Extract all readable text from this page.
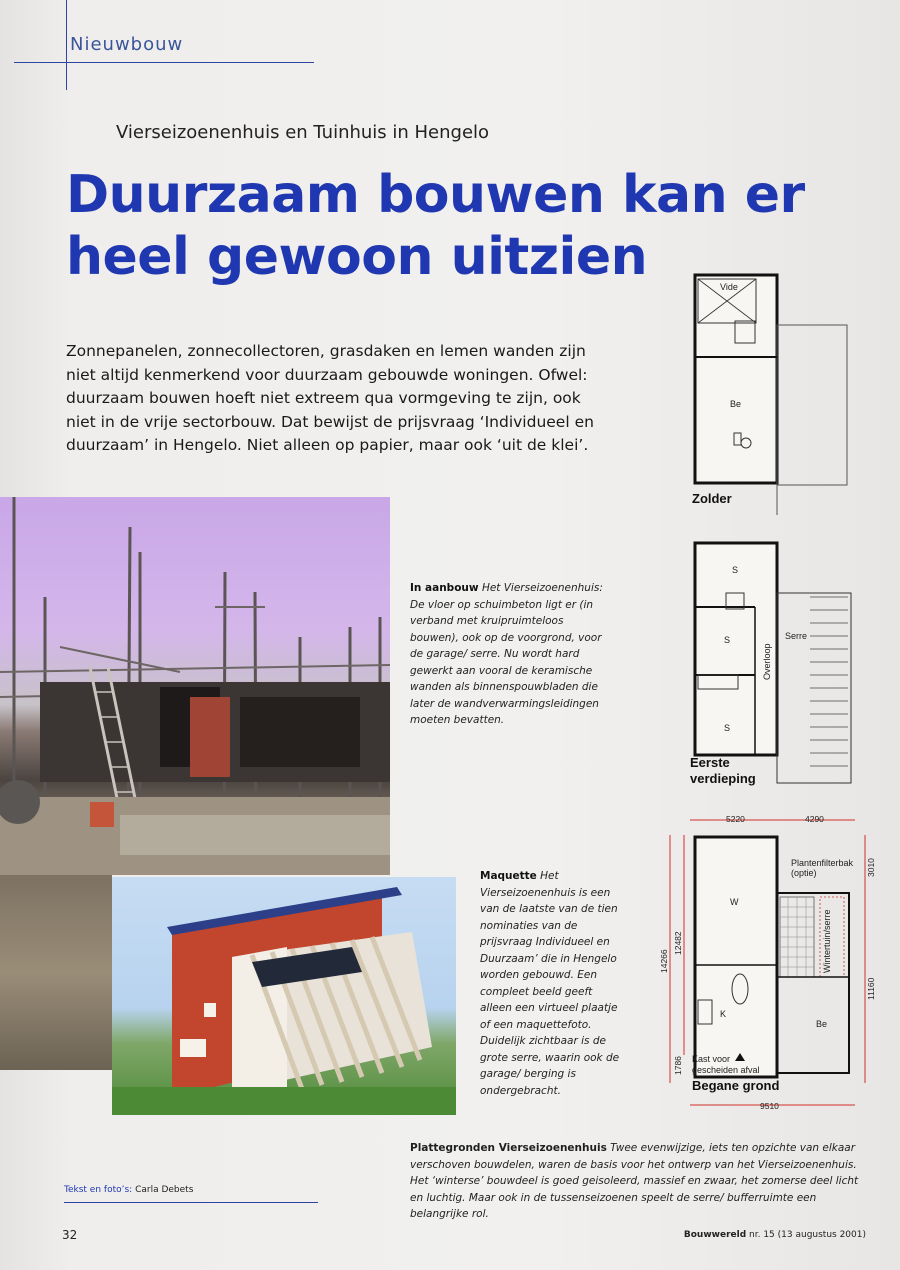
Nieuwbouw
Vierseizoenenhuis en Tuinhuis in Hengelo
Duurzaam bouwen kan er
heel gewoon uitzien

Zonnepanelen, zonnecollectoren, grasdaken en lemen wanden zijn niet altijd kenmerkend voor duurzaam gebouwde woningen. Ofwel: duurzaam bouwen hoeft niet extreem qua vormgeving te zijn, ook niet in de vrije sectorbouw. Dat bewijst de prijsvraag ‘Individueel en duurzaam’ in Hengelo. Niet alleen op papier, maar ook ‘uit de klei’.

In aanbouw Het Vierseizoenenhuis: De vloer op schuimbeton ligt er (in verband met kruipruimteloos bouwen), ook op de voorgrond, voor de garage/ serre. Nu wordt hard gewerkt aan vooral de keramische wanden als binnenspouwbladen die later de wandverwarmingsleidingen moeten bevatten.
Maquette Het Vierseizoenenhuis is een van de laatste van de tien nominaties van de prijsvraag Individueel en Duurzaam’ die in Hengelo worden gebouwd. Een compleet beeld geeft alleen een virtueel plaatje of een maquettefoto. Duidelijk zichtbaar is de grote serre, waarin ook de garage/ berging is ondergebracht.
Plattegronden Vierseizoenenhuis Twee evenwijzige, iets ten opzichte van elkaar verschoven bouwdelen, waren de basis voor het ontwerp van het Vierseizoenenhuis. Het ‘winterse’ bouwdeel is goed geisoleerd, massief en zwaar, het zomerse deel licht en luchtig. Maar ook in de tussenseizoenen speelt de serre/ bufferruimte een belangrijke rol.
Vide
Be
Zolder
S
S
S
Serre
Overloop
Eerste
verdieping
5220	4290
9510
14266
12482
1786
3010
11160
W
K
Be
Plantenfilterbak
(optie)
Wintertuin/serre
Kast voor
gescheiden afval
Begane grond
Tekst en foto’s: Carla Debets
32	Bouwwereld nr. 15 (13 augustus 2001)
